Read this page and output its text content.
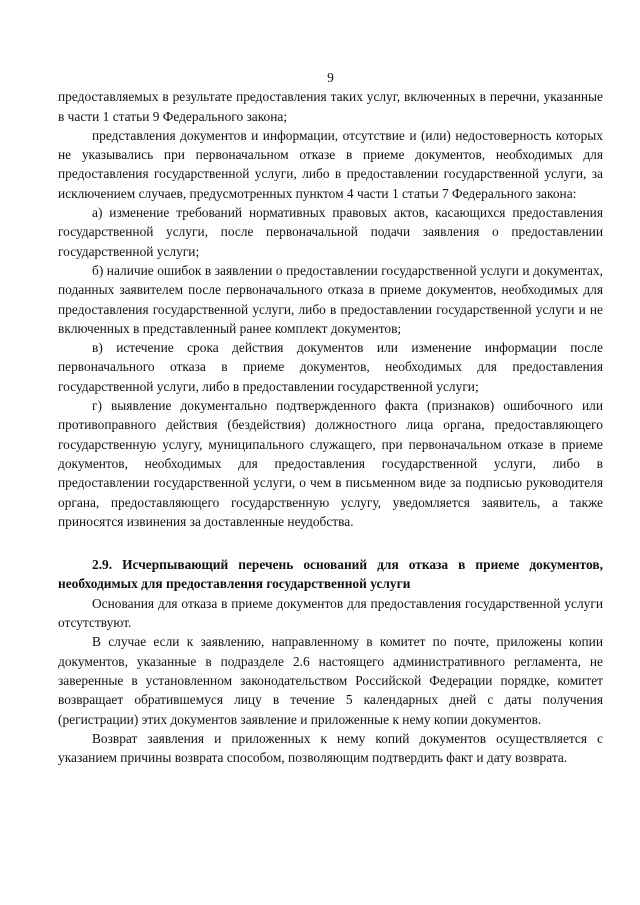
9

предоставляемых в результате предоставления таких услуг, включенных в перечни, указанные в части 1 статьи 9 Федерального закона;

представления документов и информации, отсутствие и (или) недостоверность которых не указывались при первоначальном отказе в приеме документов, необходимых для предоставления государственной услуги, либо в предоставлении государственной услуги, за исключением случаев, предусмотренных пунктом 4 части 1 статьи 7 Федерального закона:

а) изменение требований нормативных правовых актов, касающихся предоставления государственной услуги, после первоначальной подачи заявления о предоставлении государственной услуги;

б) наличие ошибок в заявлении о предоставлении государственной услуги и документах, поданных заявителем после первоначального отказа в приеме документов, необходимых для предоставления государственной услуги, либо в предоставлении государственной услуги и не включенных в представленный ранее комплект документов;

в) истечение срока действия документов или изменение информации после первоначального отказа в приеме документов, необходимых для предоставления государственной услуги, либо в предоставлении государственной услуги;

г) выявление документально подтвержденного факта (признаков) ошибочного или противоправного действия (бездействия) должностного лица органа, предоставляющего государственную услугу, муниципального служащего, при первоначальном отказе в приеме документов, необходимых для предоставления государственной услуги, либо в предоставлении государственной услуги, о чем в письменном виде за подписью руководителя органа, предоставляющего государственную услугу, уведомляется заявитель, а также приносятся извинения за доставленные неудобства.

2.9. Исчерпывающий перечень оснований для отказа в приеме документов, необходимых для предоставления государственной услуги

Основания для отказа в приеме документов для предоставления государственной услуги отсутствуют.

В случае если к заявлению, направленному в комитет по почте, приложены копии документов, указанные в подразделе 2.6 настоящего административного регламента, не заверенные в установленном законодательством Российской Федерации порядке, комитет возвращает обратившемуся лицу в течение 5 календарных дней с даты получения (регистрации) этих документов заявление и приложенные к нему копии документов.

Возврат заявления и приложенных к нему копий документов осуществляется с указанием причины возврата способом, позволяющим подтвердить факт и дату возврата.
